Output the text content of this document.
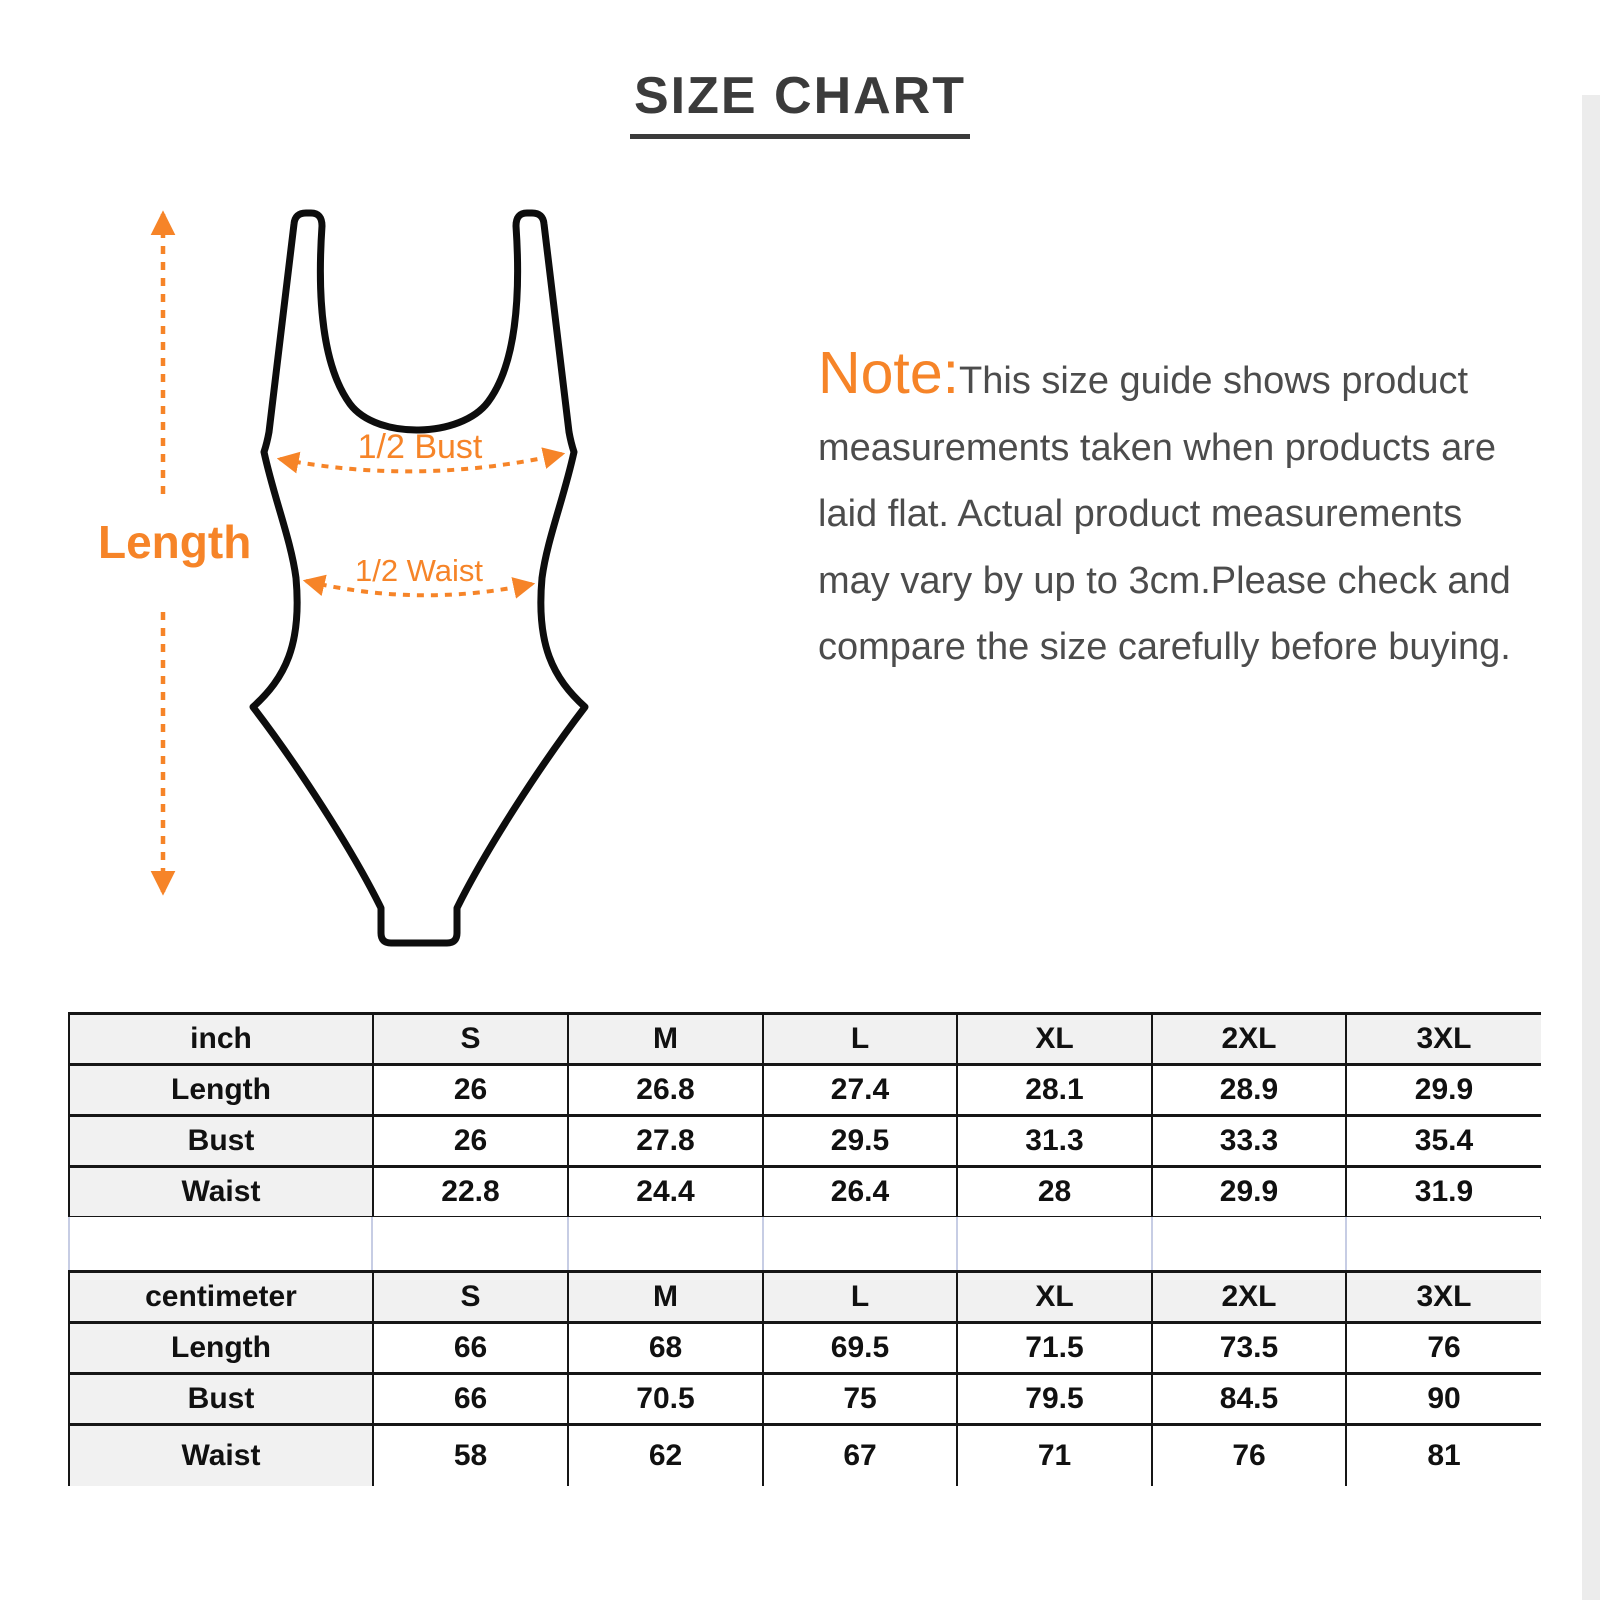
SIZE CHART
Length
1/2 Bust
1/2 Waist

Note:This size guide shows product
measurements taken when products are
laid flat. Actual product measurements
may vary by up to 3cm.Please check and
compare the size carefully before buying.

inch	S	M	L	XL	2XL	3XL
Length	26	26.8	27.4	28.1	28.9	29.9
Bust	26	27.8	29.5	31.3	33.3	35.4
Waist	22.8	24.4	26.4	28	29.9	31.9
centimeter	S	M	L	XL	2XL	3XL
Length	66	68	69.5	71.5	73.5	76
Bust	66	70.5	75	79.5	84.5	90
Waist	58	62	67	71	76	81
